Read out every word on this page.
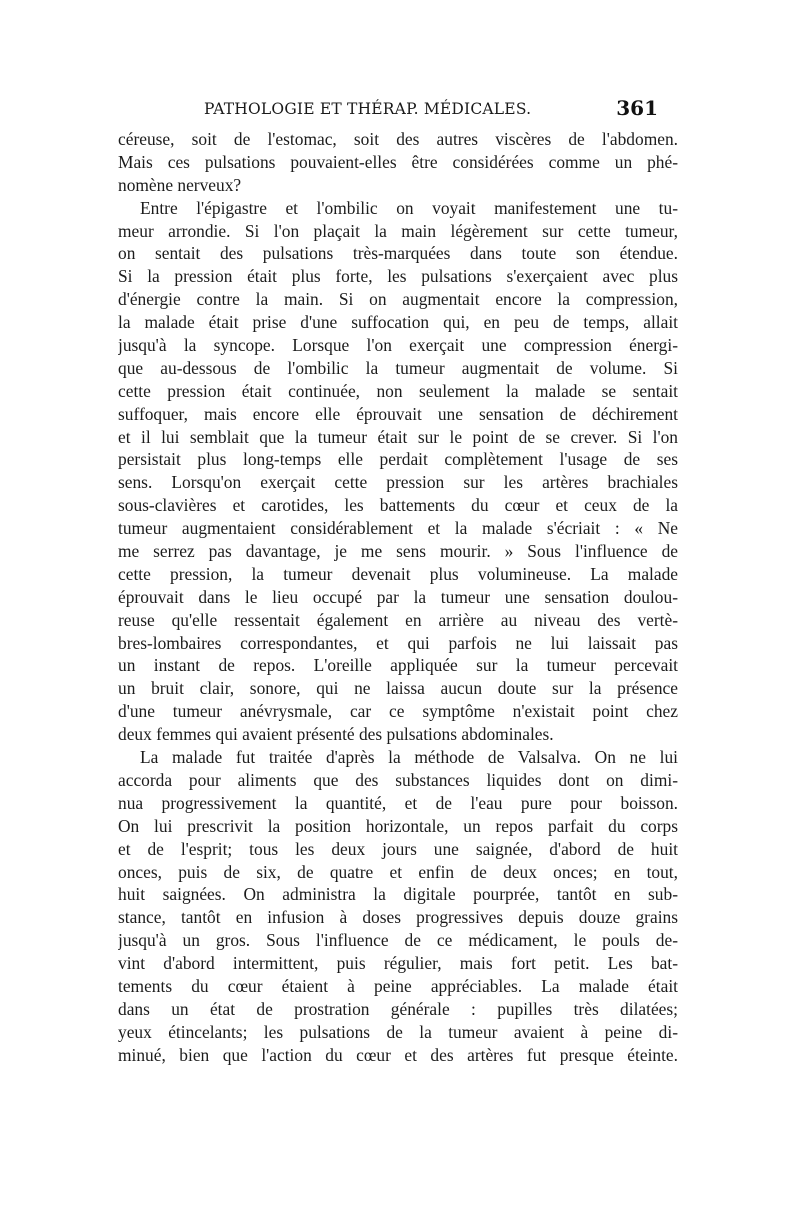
PATHOLOGIE ET THÉRAP. MÉDICALES.	361
céreuse, soit de l'estomac, soit des autres viscères de l'abdomen.
Mais ces pulsations pouvaient-elles être considérées comme un phé-
nomène nerveux?
Entre l'épigastre et l'ombilic on voyait manifestement une tu-
meur arrondie. Si l'on plaçait la main légèrement sur cette tumeur,
on sentait des pulsations très-marquées dans toute son étendue.
Si la pression était plus forte, les pulsations s'exerçaient avec plus
d'énergie contre la main. Si on augmentait encore la compression,
la malade était prise d'une suffocation qui, en peu de temps, allait
jusqu'à la syncope. Lorsque l'on exerçait une compression énergi-
que au-dessous de l'ombilic la tumeur augmentait de volume. Si
cette pression était continuée, non seulement la malade se sentait
suffoquer, mais encore elle éprouvait une sensation de déchirement
et il lui semblait que la tumeur était sur le point de se crever. Si l'on
persistait plus long-temps elle perdait complètement l'usage de ses
sens. Lorsqu'on exerçait cette pression sur les artères brachiales
sous-clavières et carotides, les battements du cœur et ceux de la
tumeur augmentaient considérablement et la malade s'écriait : « Ne
me serrez pas davantage, je me sens mourir. » Sous l'influence de
cette pression, la tumeur devenait plus volumineuse. La malade
éprouvait dans le lieu occupé par la tumeur une sensation doulou-
reuse qu'elle ressentait également en arrière au niveau des vertè-
bres-lombaires correspondantes, et qui parfois ne lui laissait pas
un instant de repos. L'oreille appliquée sur la tumeur percevait
un bruit clair, sonore, qui ne laissa aucun doute sur la présence
d'une tumeur anévrysmale, car ce symptôme n'existait point chez
deux femmes qui avaient présenté des pulsations abdominales.
La malade fut traitée d'après la méthode de Valsalva. On ne lui
accorda pour aliments que des substances liquides dont on dimi-
nua progressivement la quantité, et de l'eau pure pour boisson.
On lui prescrivit la position horizontale, un repos parfait du corps
et de l'esprit; tous les deux jours une saignée, d'abord de huit
onces, puis de six, de quatre et enfin de deux onces; en tout,
huit saignées. On administra la digitale pourprée, tantôt en sub-
stance, tantôt en infusion à doses progressives depuis douze grains
jusqu'à un gros. Sous l'influence de ce médicament, le pouls de-
vint d'abord intermittent, puis régulier, mais fort petit. Les bat-
tements du cœur étaient à peine appréciables. La malade était
dans un état de prostration générale : pupilles très dilatées;
yeux étincelants; les pulsations de la tumeur avaient à peine di-
minué, bien que l'action du cœur et des artères fut presque éteinte.
